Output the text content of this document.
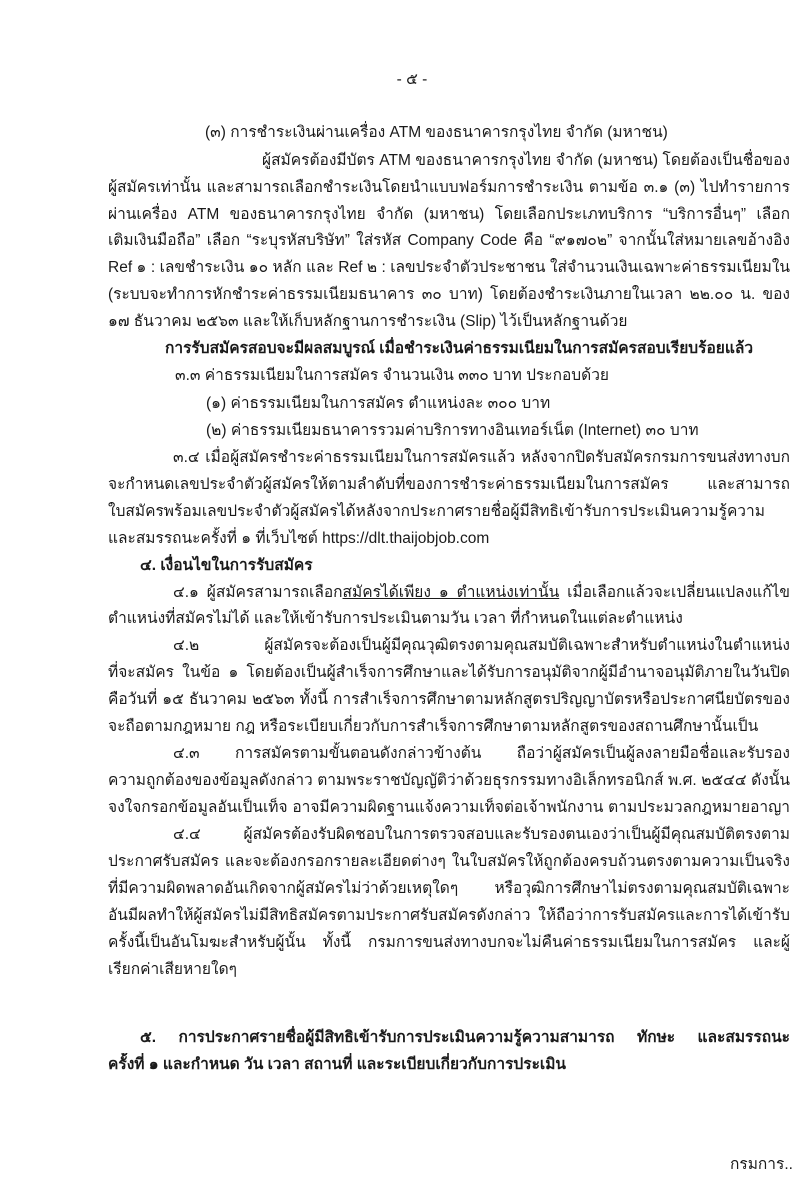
- ๕ -
(๓) การชำระเงินผ่านเครื่อง ATM ของธนาคารกรุงไทย จำกัด (มหาชน)
ผู้สมัครต้องมีบัตร ATM ของธนาคารกรุงไทย จำกัด (มหาชน) โดยต้องเป็นชื่อของ
ผู้สมัครเท่านั้น และสามารถเลือกชำระเงินโดยนำแบบฟอร์มการชำระเงิน ตามข้อ ๓.๑ (๓) ไปทำรายการ
ผ่านเครื่อง ATM ของธนาคารกรุงไทย จำกัด (มหาชน) โดยเลือกประเภทบริการ “บริการอื่นๆ” เลือก
เติมเงินมือถือ” เลือก “ระบุรหัสบริษัท” ใส่รหัส Company Code คือ “๙๑๗๐๒” จากนั้นใส่หมายเลขอ้างอิง
Ref ๑ : เลขชำระเงิน ๑๐ หลัก และ Ref ๒ : เลขประจำตัวประชาชน ใส่จำนวนเงินเฉพาะค่าธรรมเนียมใน
(ระบบจะทำการหักชำระค่าธรรมเนียมธนาคาร ๓๐ บาท) โดยต้องชำระเงินภายในเวลา ๒๒.๐๐ น. ของ
๑๗ ธันวาคม ๒๕๖๓ และให้เก็บหลักฐานการชำระเงิน (Slip) ไว้เป็นหลักฐานด้วย
การรับสมัครสอบจะมีผลสมบูรณ์ เมื่อชำระเงินค่าธรรมเนียมในการสมัครสอบเรียบร้อยแล้ว
๓.๓ ค่าธรรมเนียมในการสมัคร จำนวนเงิน ๓๓๐ บาท ประกอบด้วย
(๑) ค่าธรรมเนียมในการสมัคร ตำแหน่งละ ๓๐๐ บาท
(๒) ค่าธรรมเนียมธนาคารรวมค่าบริการทางอินเทอร์เน็ต (Internet) ๓๐ บาท
๓.๔ เมื่อผู้สมัครชำระค่าธรรมเนียมในการสมัครแล้ว หลังจากปิดรับสมัครกรมการขนส่งทางบก
จะกำหนดเลขประจำตัวผู้สมัครให้ตามลำดับที่ของการชำระค่าธรรมเนียมในการสมัคร และสามารถ
ใบสมัครพร้อมเลขประจำตัวผู้สมัครได้หลังจากประกาศรายชื่อผู้มีสิทธิเข้ารับการประเมินความรู้ความ
และสมรรถนะครั้งที่ ๑ ที่เว็บไซต์ https://dlt.thaijobjob.com
๔. เงื่อนไขในการรับสมัคร
๔.๑ ผู้สมัครสามารถเลือกสมัครได้เพียง ๑ ตำแหน่งเท่านั้น เมื่อเลือกแล้วจะเปลี่ยนแปลงแก้ไข
ตำแหน่งที่สมัครไม่ได้ และให้เข้ารับการประเมินตามวัน เวลา ที่กำหนดในแต่ละตำแหน่ง
๔.๒ ผู้สมัครจะต้องเป็นผู้มีคุณวุฒิตรงตามคุณสมบัติเฉพาะสำหรับตำแหน่งในตำแหน่ง
ที่จะสมัคร ในข้อ ๑ โดยต้องเป็นผู้สำเร็จการศึกษาและได้รับการอนุมัติจากผู้มีอำนาจอนุมัติภายในวันปิด
คือวันที่ ๑๕ ธันวาคม ๒๕๖๓ ทั้งนี้ การสำเร็จการศึกษาตามหลักสูตรปริญญาบัตรหรือประกาศนียบัตรของ
จะถือตามกฎหมาย กฎ หรือระเบียบเกี่ยวกับการสำเร็จการศึกษาตามหลักสูตรของสถานศึกษานั้นเป็น
๔.๓ การสมัครตามขั้นตอนดังกล่าวข้างต้น ถือว่าผู้สมัครเป็นผู้ลงลายมือชื่อและรับรอง
ความถูกต้องของข้อมูลดังกล่าว ตามพระราชบัญญัติว่าด้วยธุรกรรมทางอิเล็กทรอนิกส์ พ.ศ. ๒๕๔๔ ดังนั้น
จงใจกรอกข้อมูลอันเป็นเท็จ อาจมีความผิดฐานแจ้งความเท็จต่อเจ้าพนักงาน ตามประมวลกฎหมายอาญา
๔.๔ ผู้สมัครต้องรับผิดชอบในการตรวจสอบและรับรองตนเองว่าเป็นผู้มีคุณสมบัติตรงตาม
ประกาศรับสมัคร และจะต้องกรอกรายละเอียดต่างๆ ในใบสมัครให้ถูกต้องครบถ้วนตรงตามความเป็นจริง
ที่มีความผิดพลาดอันเกิดจากผู้สมัครไม่ว่าด้วยเหตุใดๆ หรือวุฒิการศึกษาไม่ตรงตามคุณสมบัติเฉพาะ
อันมีผลทำให้ผู้สมัครไม่มีสิทธิสมัครตามประกาศรับสมัครดังกล่าว ให้ถือว่าการรับสมัครและการได้เข้ารับ
ครั้งนี้เป็นอันโมฆะสำหรับผู้นั้น ทั้งนี้ กรมการขนส่งทางบกจะไม่คืนค่าธรรมเนียมในการสมัคร และผู้
เรียกค่าเสียหายใดๆ
๕. การประกาศรายชื่อผู้มีสิทธิเข้ารับการประเมินความรู้ความสามารถ ทักษะ และสมรรถนะ
ครั้งที่ ๑ และกำหนด วัน เวลา สถานที่ และระเบียบเกี่ยวกับการประเมิน
กรมการ..
